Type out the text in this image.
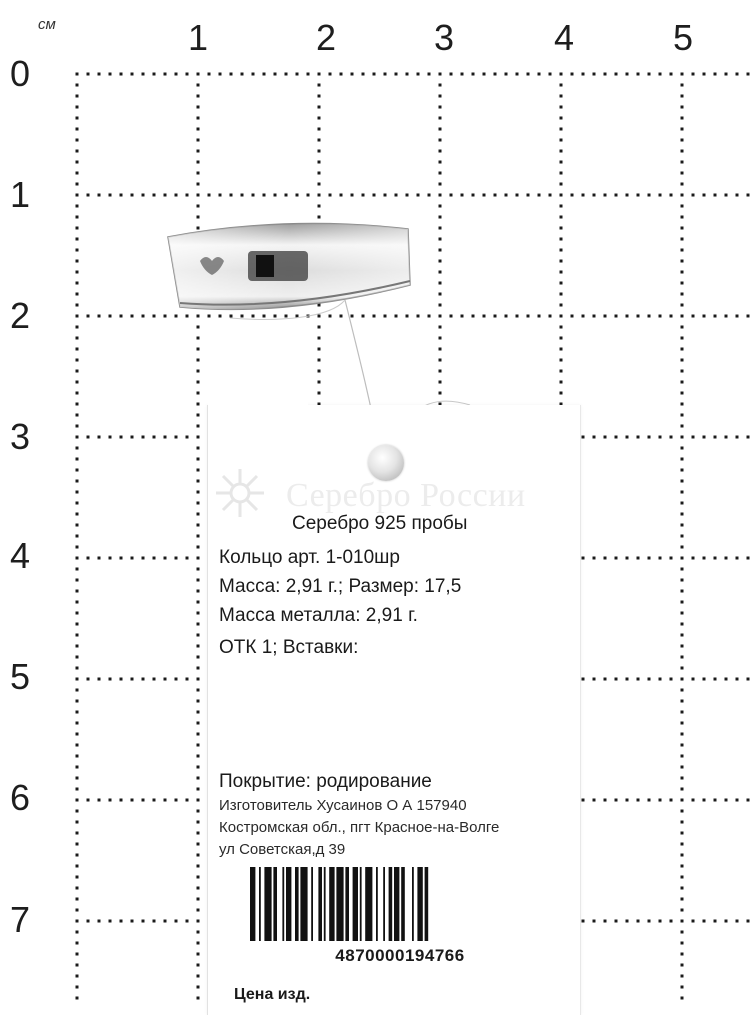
см	1	2	3	4	5
0
1
2
3
4
5
6
7
Серебро России
Серебро 925 пробы
Кольцо арт. 1-010шр
Масса: 2,91 г.; Размер: 17,5
Масса металла: 2,91 г.
ОТК 1; Вставки:
Покрытие: родирование
Изготовитель Хусаинов О А 157940
Костромская обл., пгт Красное-на-Волге
ул Советская,д 39
4870000194766
Цена изд.
